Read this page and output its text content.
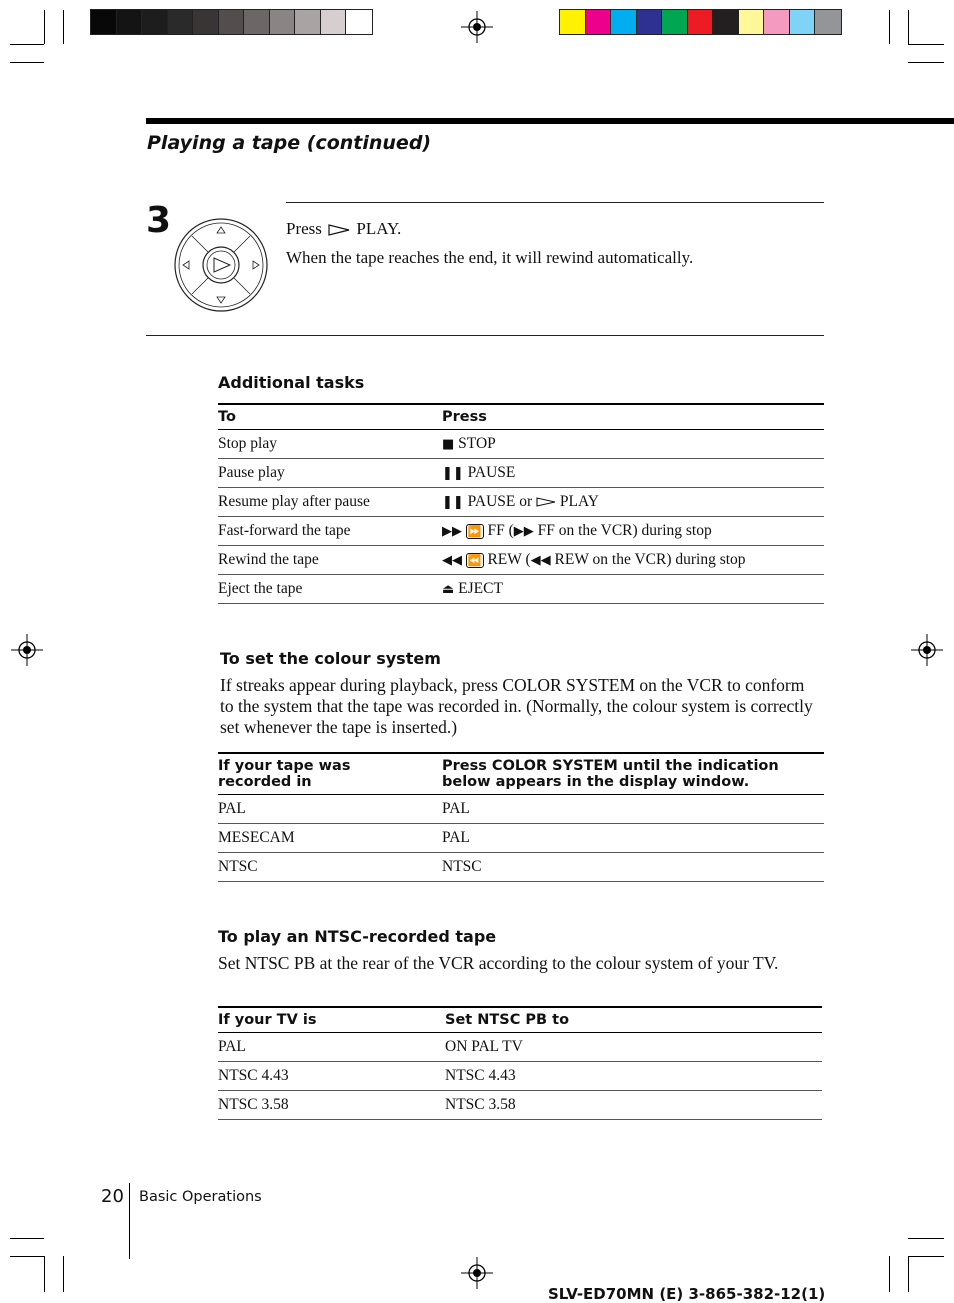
Playing a tape (continued)
3	Press PLAY.
When the tape reaches the end, it will rewind automatically.
Additional tasks
To	Press
Stop play	■ STOP
Pause play	❚❚ PAUSE
Resume play after pause	❚❚ PAUSE or PLAY
Fast-forward the tape	▶▶ ⏩ FF (▶▶ FF on the VCR) during stop
Rewind the tape	◀◀ ⏪ REW (◀◀ REW on the VCR) during stop
Eject the tape	⏏ EJECT
To set the colour system
If streaks appear during playback, press COLOR SYSTEM on the VCR to conform to the system that the tape was recorded in. (Normally, the colour system is correctly set whenever the tape is inserted.)
If your tape was recorded in	Press COLOR SYSTEM until the indication below appears in the display window.
PAL	PAL
MESECAM	PAL
NTSC	NTSC
To play an NTSC-recorded tape
Set NTSC PB at the rear of the VCR according to the colour system of your TV.
If your TV is	Set NTSC PB to
PAL	ON PAL TV
NTSC 4.43	NTSC 4.43
NTSC 3.58	NTSC 3.58
20 Basic Operations
SLV-ED70MN (E) 3-865-382-12(1)
